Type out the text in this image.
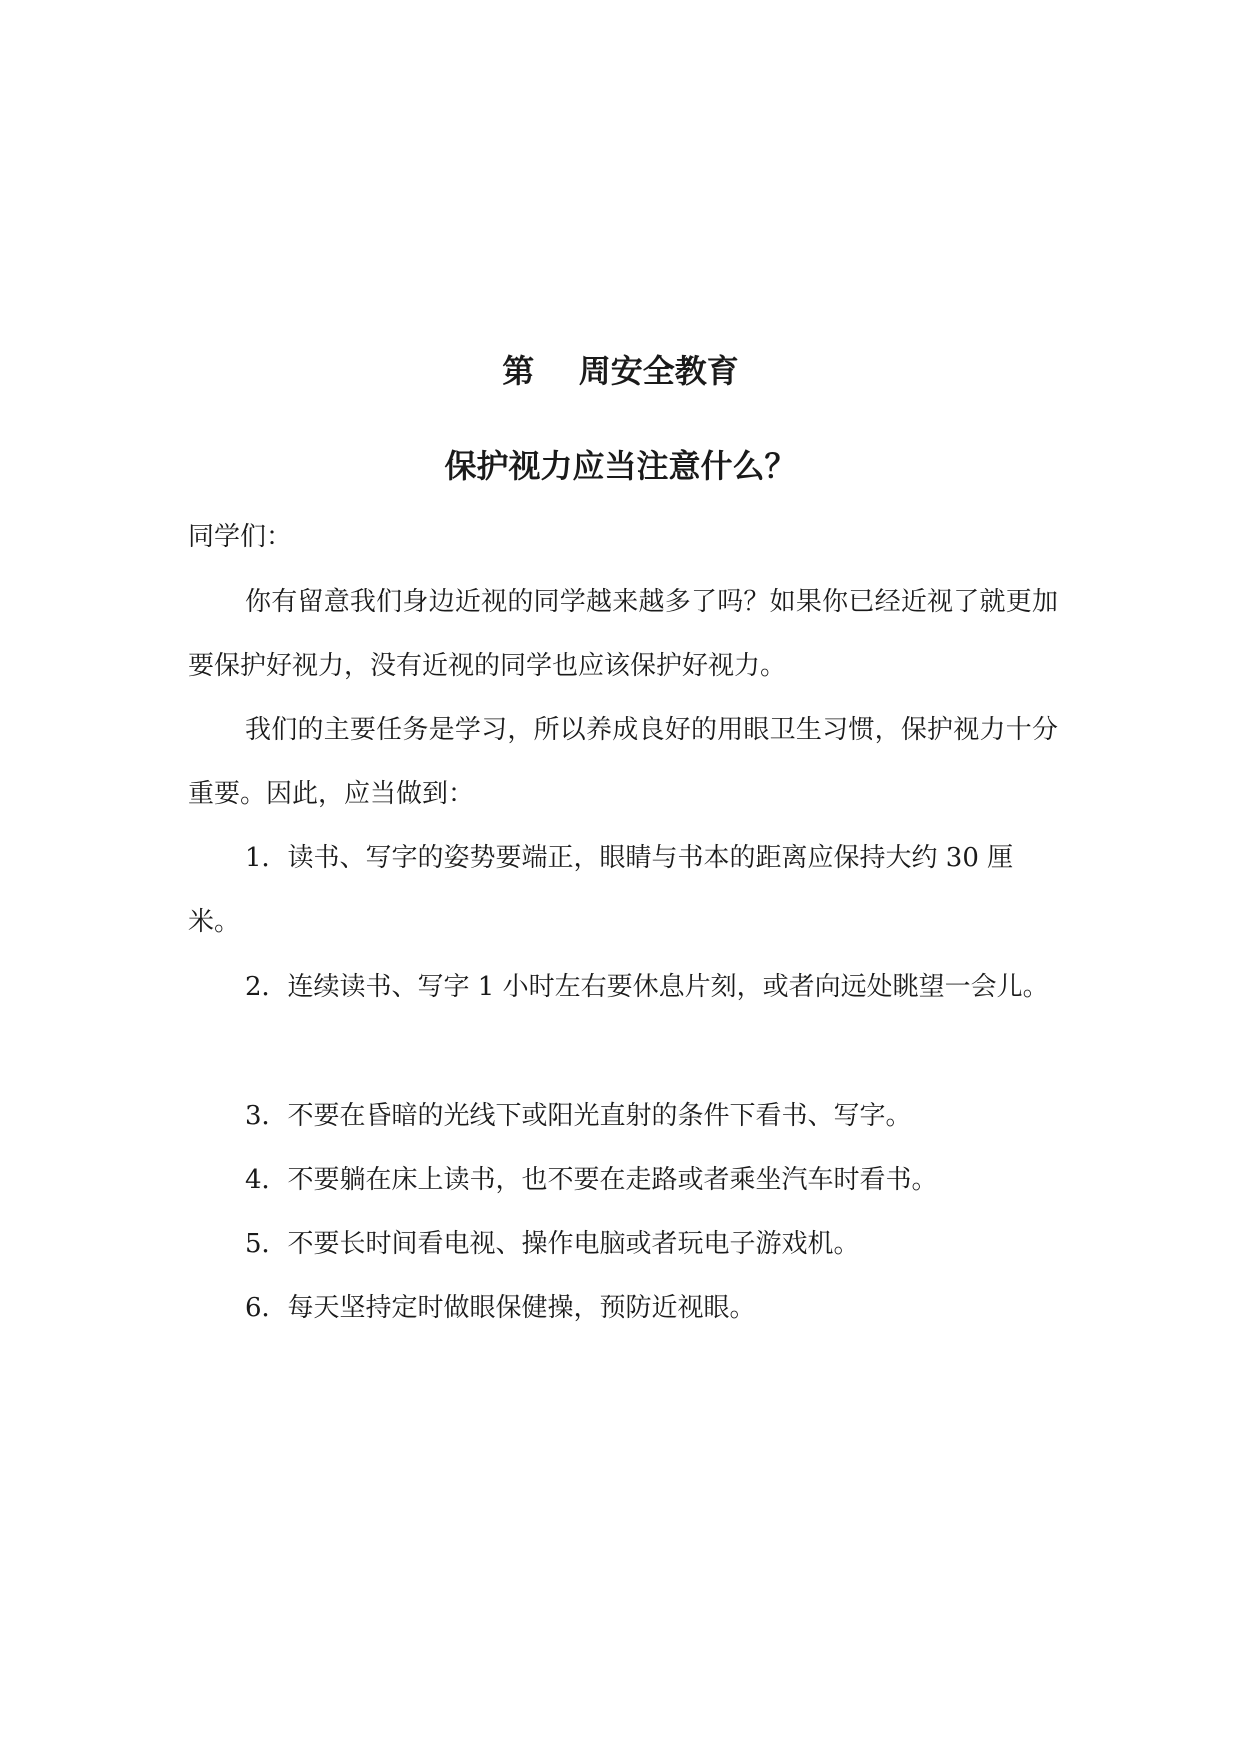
第    周安全教育
保护视力应当注意什么？

同学们：

你有留意我们身边近视的同学越来越多了吗？如果你已经近视了就更加要保护好视力，没有近视的同学也应该保护好视力。

我们的主要任务是学习，所以养成良好的用眼卫生习惯，保护视力十分重要。因此，应当做到：

1．读书、写字的姿势要端正，眼睛与书本的距离应保持大约 30 厘米。

2．连续读书、写字 1 小时左右要休息片刻，或者向远处眺望一会儿。

3．不要在昏暗的光线下或阳光直射的条件下看书、写字。

4．不要躺在床上读书，也不要在走路或者乘坐汽车时看书。

5．不要长时间看电视、操作电脑或者玩电子游戏机。

6．每天坚持定时做眼保健操，预防近视眼。
